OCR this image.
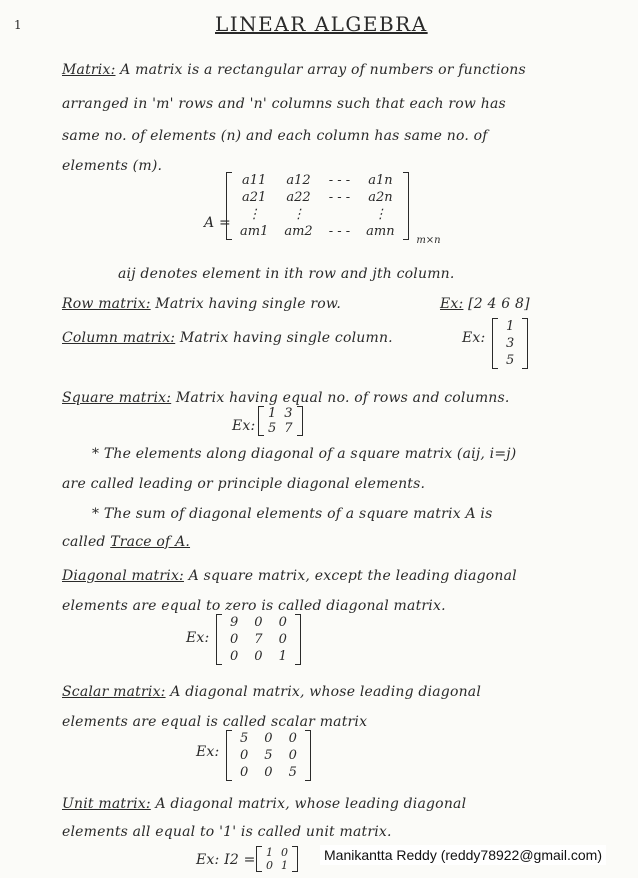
1	LINEAR ALGEBRA
Matrix: A matrix is a rectangular array of numbers or functions
arranged in 'm' rows and 'n' columns such that each row has
same no. of elements (n) and each column has same no. of
elements (m).
A =
a11	a12	- - -	a1n
a21	a22	- - -	a2n
⋮	⋮		⋮
am1	am2	- - -	amn
m×n
aij denotes element in ith row and jth column.
Row matrix: Matrix having single row.	Ex: [2 4 6 8]
Column matrix: Matrix having single column.	Ex:
1
3
5
Square matrix: Matrix having equal no. of rows and columns.
Ex:
1	3
5	7
* The elements along diagonal of a square matrix (aij, i=j)
are called leading or principle diagonal elements.
* The sum of diagonal elements of a square matrix A is
called Trace of A.
Diagonal matrix: A square matrix, except the leading diagonal
elements are equal to zero is called diagonal matrix.
Ex:
9	0	0
0	7	0
0	0	1
Scalar matrix: A diagonal matrix, whose leading diagonal
elements are equal is called scalar matrix
Ex:
5	0	0
0	5	0
0	0	5
Unit matrix: A diagonal matrix, whose leading diagonal
elements all equal to '1' is called unit matrix.
Ex: I2 = 1	0
0	1
Manikantta Reddy (reddy78922@gmail.com)
